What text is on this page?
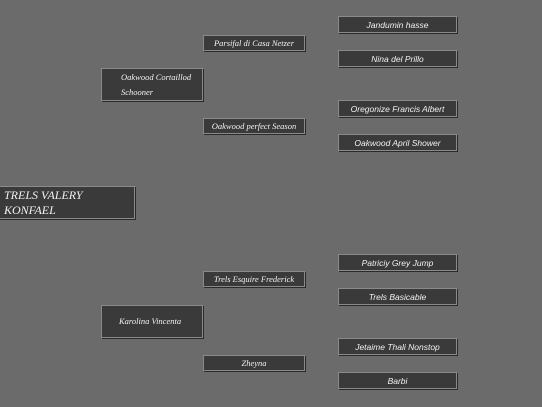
TRELS VALERY KONFAEL
Oakwood Cortaillod Schooner
Karolina Vincenta
Parsifal di Casa Netzer
Oakwood perfect Season
Trels Esquire Frederick
Zheyna
Jandumin hasse
Nina del Prillo
Oregonize Francis Albert
Oakwood April Shower
Patriciy Grey Jump
Trels Basicable
Jetaime Thali Nonstop
Barbi
